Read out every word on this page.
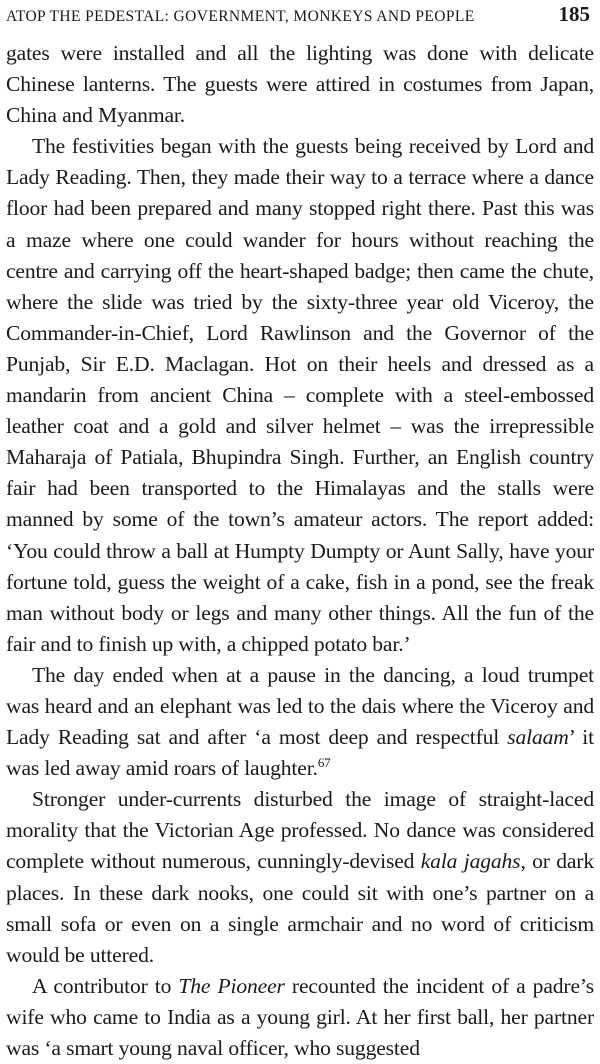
ATOP THE PEDESTAL: GOVERNMENT, MONKEYS AND PEOPLE	185

gates were installed and all the lighting was done with delicate Chinese lanterns. The guests were attired in costumes from Japan, China and Myanmar.

The festivities began with the guests being received by Lord and Lady Reading. Then, they made their way to a terrace where a dance floor had been prepared and many stopped right there. Past this was a maze where one could wander for hours without reaching the centre and carrying off the heart-shaped badge; then came the chute, where the slide was tried by the sixty-three year old Viceroy, the Commander-in-Chief, Lord Rawlinson and the Governor of the Punjab, Sir E.D. Maclagan. Hot on their heels and dressed as a mandarin from ancient China – complete with a steel-embossed leather coat and a gold and silver helmet – was the irrepressible Maharaja of Patiala, Bhupindra Singh. Further, an English country fair had been transported to the Himalayas and the stalls were manned by some of the town’s amateur actors. The report added: ‘You could throw a ball at Humpty Dumpty or Aunt Sally, have your fortune told, guess the weight of a cake, fish in a pond, see the freak man without body or legs and many other things. All the fun of the fair and to finish up with, a chipped potato bar.’

The day ended when at a pause in the dancing, a loud trumpet was heard and an elephant was led to the dais where the Viceroy and Lady Reading sat and after ‘a most deep and respectful salaam’ it was led away amid roars of laughter.$^{67}$

Stronger under-currents disturbed the image of straight-laced morality that the Victorian Age professed. No dance was considered complete without numerous, cunningly-devised kala jagahs, or dark places. In these dark nooks, one could sit with one’s partner on a small sofa or even on a single armchair and no word of criticism would be uttered.

A contributor to The Pioneer recounted the incident of a padre’s wife who came to India as a young girl. At her first ball, her partner was ‘a smart young naval officer, who suggested
